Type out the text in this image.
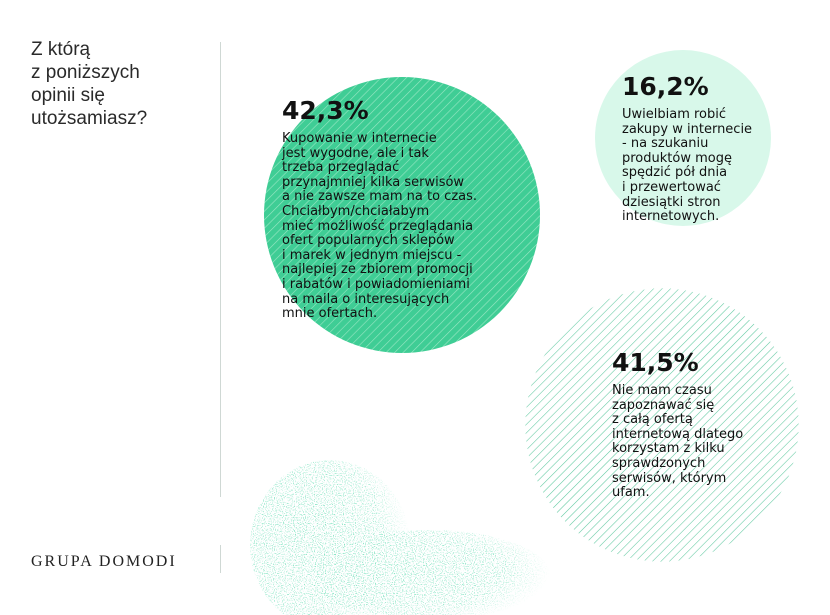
Z którą
z poniższych
opinii się
utożsamiasz?
GRUPA DOMODI
42,3%
Kupowanie w internecie
jest wygodne, ale i tak
trzeba przeglądać
przynajmniej kilka serwisów
a nie zawsze mam na to czas.
Chciałbym/chciałabym
mieć możliwość przeglądania
ofert popularnych sklepów
i marek w jednym miejscu -
najlepiej ze zbiorem promocji
i rabatów i powiadomieniami
na maila o interesujących
mnie ofertach.
16,2%
Uwielbiam robić
zakupy w internecie
- na szukaniu
produktów mogę
spędzić pół dnia
i przewertować
dziesiątki stron
internetowych.
41,5%
Nie mam czasu
zapoznawać się
z całą ofertą
internetową dlatego
korzystam z kilku
sprawdzonych
serwisów, którym
ufam.
